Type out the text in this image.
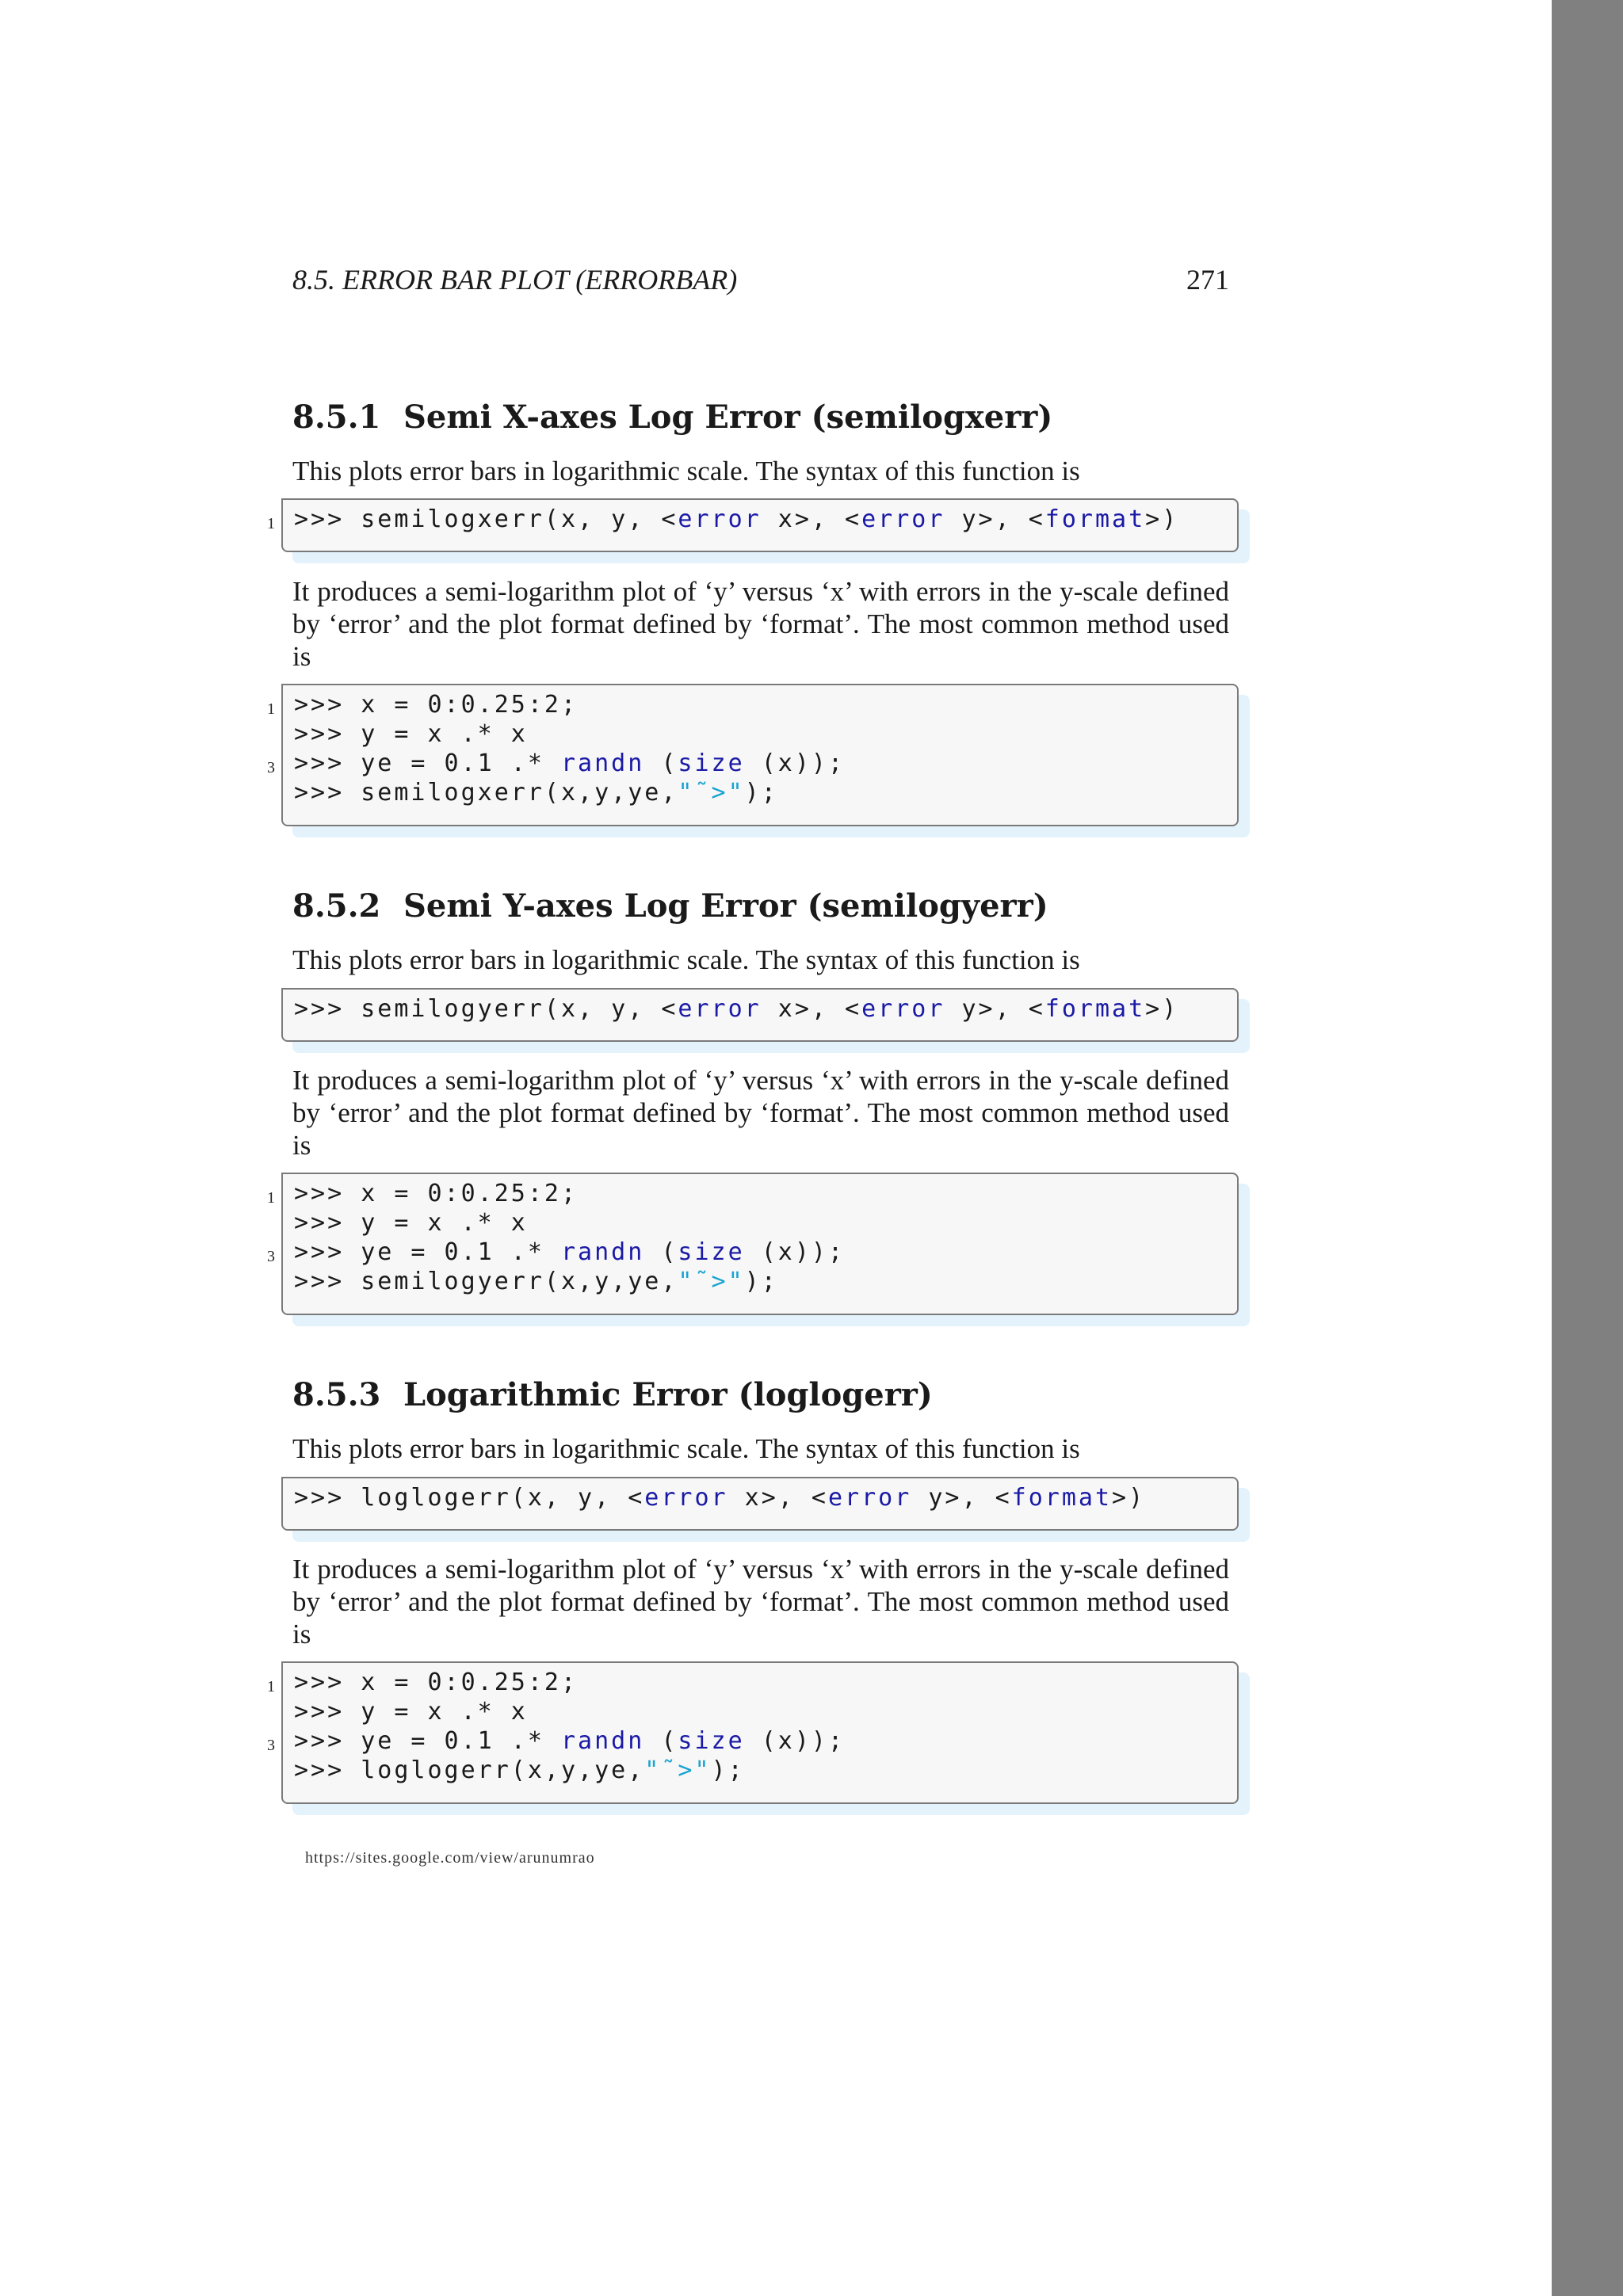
8.5. ERROR BAR PLOT (ERRORBAR)	271
8.5.1 Semi X-axes Log Error (semilogxerr)

This plots error bars in logarithmic scale. The syntax of this function is

1 >>> semilogxerr(x, y, <error x>, <error y>, <format>)

It produces a semi-logarithm plot of ‘y’ versus ‘x’ with errors in the y-scale defined by ‘error’ and the plot format defined by ‘format’. The most common method used is

1 >>> x = 0:0.25:2;
>>> y = x .* x
3 >>> ye = 0.1 .* randn (size (x));
>>> semilogxerr(x,y,ye,"˜>");
8.5.2 Semi Y-axes Log Error (semilogyerr)

This plots error bars in logarithmic scale. The syntax of this function is

>>> semilogyerr(x, y, <error x>, <error y>, <format>)

It produces a semi-logarithm plot of ‘y’ versus ‘x’ with errors in the y-scale defined by ‘error’ and the plot format defined by ‘format’. The most common method used is

1 >>> x = 0:0.25:2;
>>> y = x .* x
3 >>> ye = 0.1 .* randn (size (x));
>>> semilogyerr(x,y,ye,"˜>");
8.5.3 Logarithmic Error (loglogerr)

This plots error bars in logarithmic scale. The syntax of this function is

>>> loglogerr(x, y, <error x>, <error y>, <format>)

It produces a semi-logarithm plot of ‘y’ versus ‘x’ with errors in the y-scale defined by ‘error’ and the plot format defined by ‘format’. The most common method used is

1 >>> x = 0:0.25:2;
>>> y = x .* x
3 >>> ye = 0.1 .* randn (size (x));
>>> loglogerr(x,y,ye,"˜>");
https://sites.google.com/view/arunumrao
